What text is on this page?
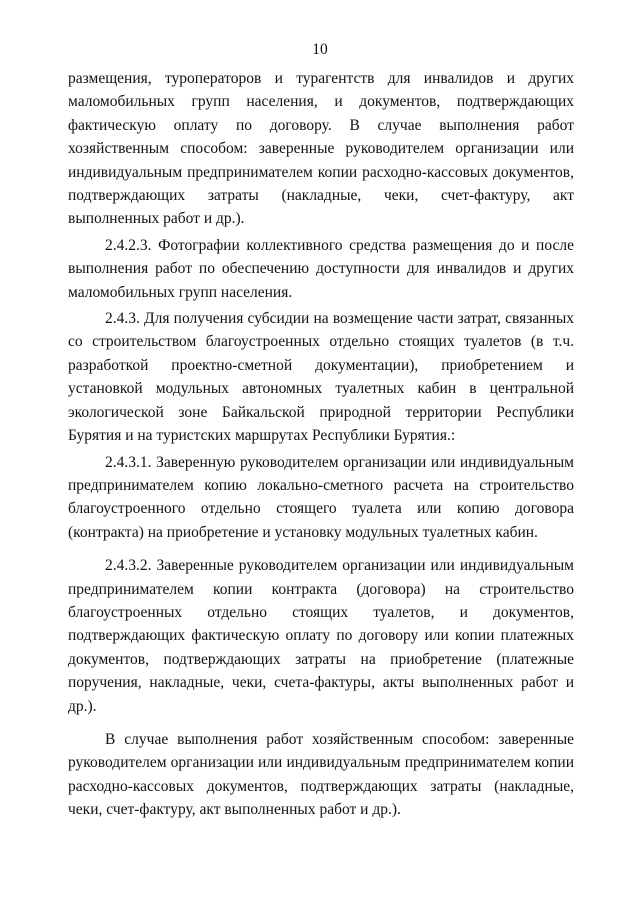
10

размещения, туроператоров и турагентств для инвалидов и других маломобильных групп населения, и документов, подтверждающих фактическую оплату по договору. В случае выполнения работ хозяйственным способом: заверенные руководителем организации или индивидуальным предпринимателем копии расходно-кассовых документов, подтверждающих затраты (накладные, чеки, счет-фактуру, акт выполненных работ и др.).

2.4.2.3. Фотографии коллективного средства размещения до и после выполнения работ по обеспечению доступности для инвалидов и других маломобильных групп населения.

2.4.3. Для получения субсидии на возмещение части затрат, связанных со строительством благоустроенных отдельно стоящих туалетов (в т.ч. разработкой проектно-сметной документации), приобретением и установкой модульных автономных туалетных кабин в центральной экологической зоне Байкальской природной территории Республики Бурятия и на туристских маршрутах Республики Бурятия.:

2.4.3.1. Заверенную руководителем организации или индивидуальным предпринимателем копию локально-сметного расчета на строительство благоустроенного отдельно стоящего туалета или копию договора (контракта) на приобретение и установку модульных туалетных кабин.

2.4.3.2. Заверенные руководителем организации или индивидуальным предпринимателем копии контракта (договора) на строительство благоустроенных отдельно стоящих туалетов, и документов, подтверждающих фактическую оплату по договору или копии платежных документов, подтверждающих затраты на приобретение (платежные поручения, накладные, чеки, счета-фактуры, акты выполненных работ и др.).

В случае выполнения работ хозяйственным способом: заверенные руководителем организации или индивидуальным предпринимателем копии расходно-кассовых документов, подтверждающих затраты (накладные, чеки, счет-фактуру, акт выполненных работ и др.).
